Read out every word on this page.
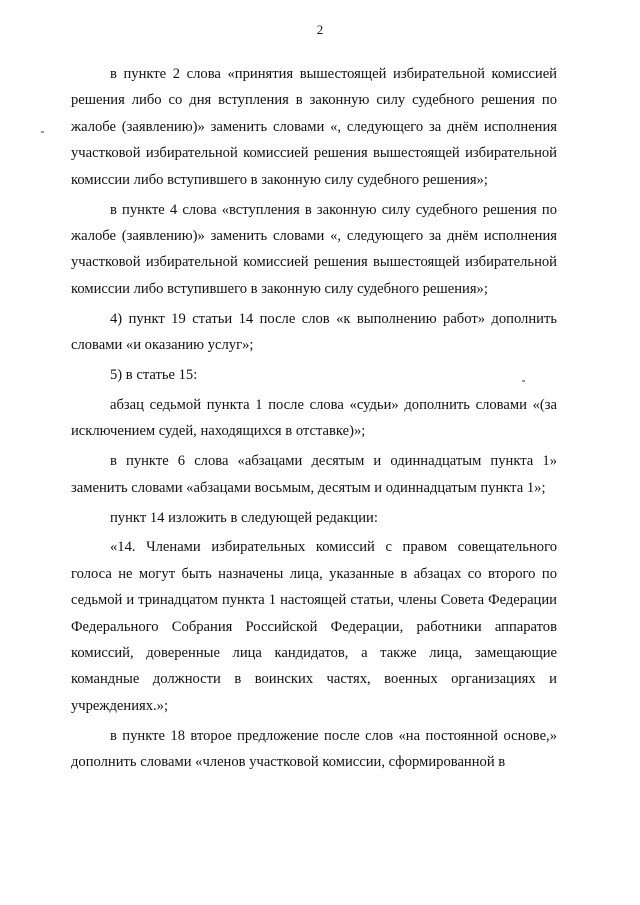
2

в пункте 2 слова «принятия вышестоящей избирательной комиссией решения либо со дня вступления в законную силу судебного решения по жалобе (заявлению)» заменить словами «, следующего за днём исполнения участковой избирательной комиссией решения вышестоящей избирательной комиссии либо вступившего в законную силу судебного решения»;

в пункте 4 слова «вступления в законную силу судебного решения по жалобе (заявлению)» заменить словами «, следующего за днём исполнения участковой избирательной комиссией решения вышестоящей избирательной комиссии либо вступившего в законную силу судебного решения»;

4) пункт 19 статьи 14 после слов «к выполнению работ» дополнить словами «и оказанию услуг»;

5) в статье 15:

абзац седьмой пункта 1 после слова «судьи» дополнить словами «(за исключением судей, находящихся в отставке)»;

в пункте 6 слова «абзацами десятым и одиннадцатым пункта 1» заменить словами «абзацами восьмым, десятым и одиннадцатым пункта 1»;

пункт 14 изложить в следующей редакции:

«14. Членами избирательных комиссий с правом совещательного голоса не могут быть назначены лица, указанные в абзацах со второго по седьмой и тринадцатом пункта 1 настоящей статьи, члены Совета Федерации Федерального Собрания Российской Федерации, работники аппаратов комиссий, доверенные лица кандидатов, а также лица, замещающие командные должности в воинских частях, военных организациях и учреждениях.»;

в пункте 18 второе предложение после слов «на постоянной основе,» дополнить словами «членов участковой комиссии, сформированной в
